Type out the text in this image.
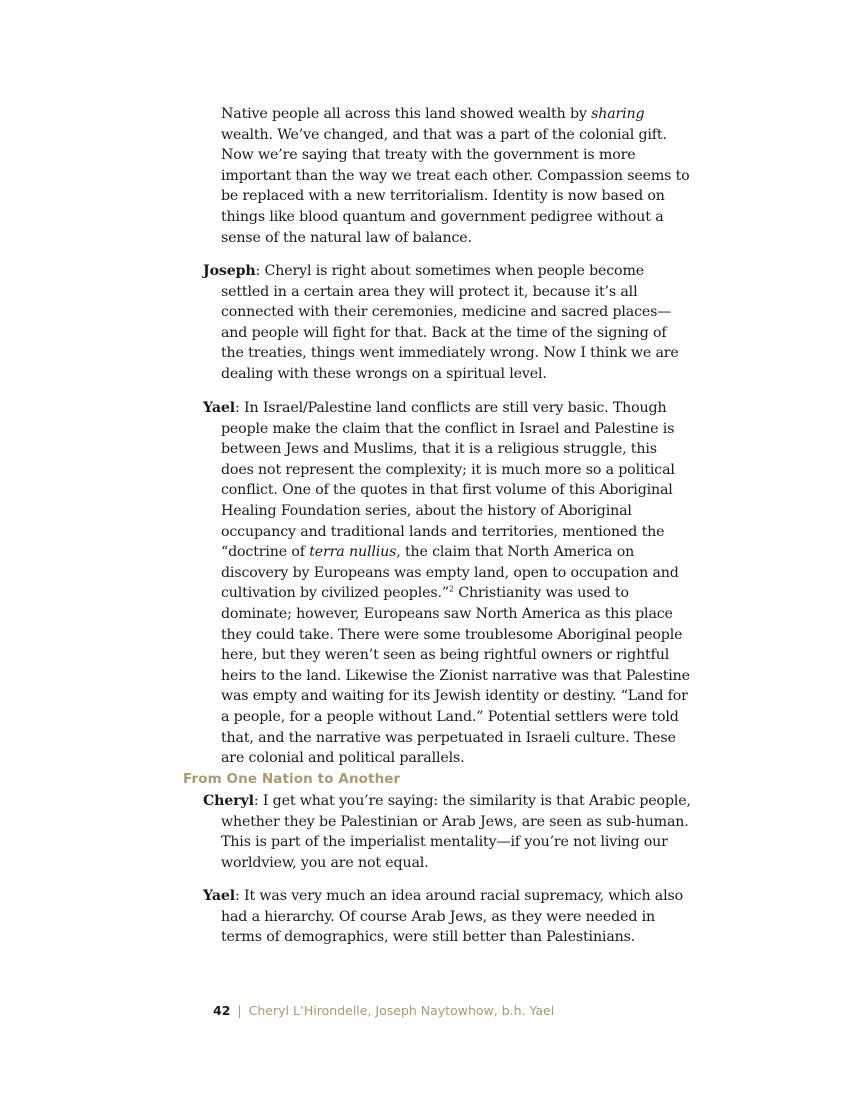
Native people all across this land showed wealth by sharing wealth. We’ve changed, and that was a part of the colonial gift. Now we’re saying that treaty with the government is more important than the way we treat each other. Compassion seems to be replaced with a new territorialism. Identity is now based on things like blood quantum and government pedigree without a sense of the natural law of balance.

Joseph: Cheryl is right about sometimes when people become settled in a certain area they will protect it, because it’s all connected with their ceremonies, medicine and sacred places—and people will fight for that. Back at the time of the signing of the treaties, things went immediately wrong. Now I think we are dealing with these wrongs on a spiritual level.

Yael: In Israel/Palestine land conflicts are still very basic. Though people make the claim that the conflict in Israel and Palestine is between Jews and Muslims, that it is a religious struggle, this does not represent the complexity; it is much more so a political conflict. One of the quotes in that first volume of this Aboriginal Healing Foundation series, about the history of Aboriginal occupancy and traditional lands and territories, mentioned the “doctrine of terra nullius, the claim that North America on discovery by Europeans was empty land, open to occupation and cultivation by civilized peoples.”$^2$ Christianity was used to dominate; however, Europeans saw North America as this place they could take. There were some troublesome Aboriginal people here, but they weren’t seen as being rightful owners or rightful heirs to the land. Likewise the Zionist narrative was that Palestine was empty and waiting for its Jewish identity or destiny. “Land for a people, for a people without Land.” Potential settlers were told that, and the narrative was perpetuated in Israeli culture. These are colonial and political parallels.

From One Nation to Another

Cheryl: I get what you’re saying: the similarity is that Arabic people, whether they be Palestinian or Arab Jews, are seen as sub-human. This is part of the imperialist mentality—if you’re not living our worldview, you are not equal.

Yael: It was very much an idea around racial supremacy, which also had a hierarchy. Of course Arab Jews, as they were needed in terms of demographics, were still better than Palestinians.

42 | Cheryl L’Hirondelle, Joseph Naytowhow, b.h. Yael
